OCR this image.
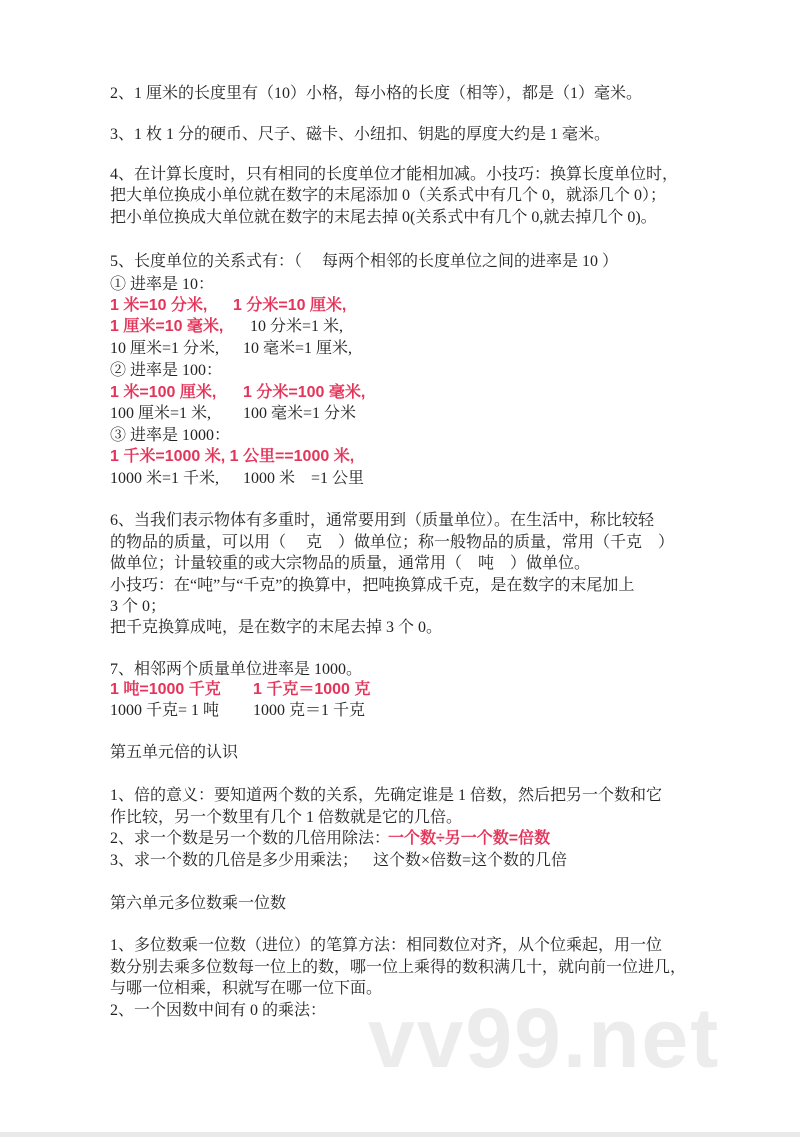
vv99.net
2、1 厘米的长度里有（10）小格，每小格的长度（相等），都是（1）毫米。
3、1 枚 1 分的硬币、尺子、磁卡、小纽扣、钥匙的厚度大约是 1 毫米。
4、在计算长度时，只有相同的长度单位才能相加减。小技巧：换算长度单位时，
把大单位换成小单位就在数字的末尾添加 0（关系式中有几个 0，就添几个 0）；
把小单位换成大单位就在数字的末尾去掉 0(关系式中有几个 0,就去掉几个 0)。
5、长度单位的关系式有：（　 每两个相邻的长度单位之间的进率是 10 ）
① 进率是 10：
1 米=10 分米, 1 分米=10 厘米,
1 厘米=10 毫米, 10 分米=1 米,
10 厘米=1 分米, 10 毫米=1 厘米,
② 进率是 100：
1 米=100 厘米, 1 分米=100 毫米,
100 厘米=1 米, 100 毫米=1 分米
③ 进率是 1000：
1 千米=1000 米, 1 公里==1000 米,
1000 米=1 千米, 1000 米　=1 公里
6、当我们表示物体有多重时，通常要用到（质量单位）。在生活中，称比较轻
的物品的质量，可以用（　 克　）做单位；称一般物品的质量，常用（千克　）
做单位；计量较重的或大宗物品的质量，通常用（　吨　）做单位。
小技巧：在“吨”与“千克”的换算中，把吨换算成千克，是在数字的末尾加上
3 个 0；
把千克换算成吨，是在数字的末尾去掉 3 个 0。
7、相邻两个质量单位进率是 1000。
1 吨=1000 千克 1 千克＝1000 克
1000 千克= 1 吨 1000 克＝1 千克
第五单元倍的认识
1、倍的意义：要知道两个数的关系，先确定谁是 1 倍数，然后把另一个数和它
作比较，另一个数里有几个 1 倍数就是它的几倍。
2、求一个数是另一个数的几倍用除法：
一个数÷另一个数=倍数
3、求一个数的几倍是多少用乘法； 这个数×倍数=这个数的几倍
第六单元多位数乘一位数
1、多位数乘一位数（进位）的笔算方法：相同数位对齐，从个位乘起，用一位
数分别去乘多位数每一位上的数，哪一位上乘得的数积满几十，就向前一位进几，
与哪一位相乘，积就写在哪一位下面。
2、一个因数中间有 0 的乘法：
